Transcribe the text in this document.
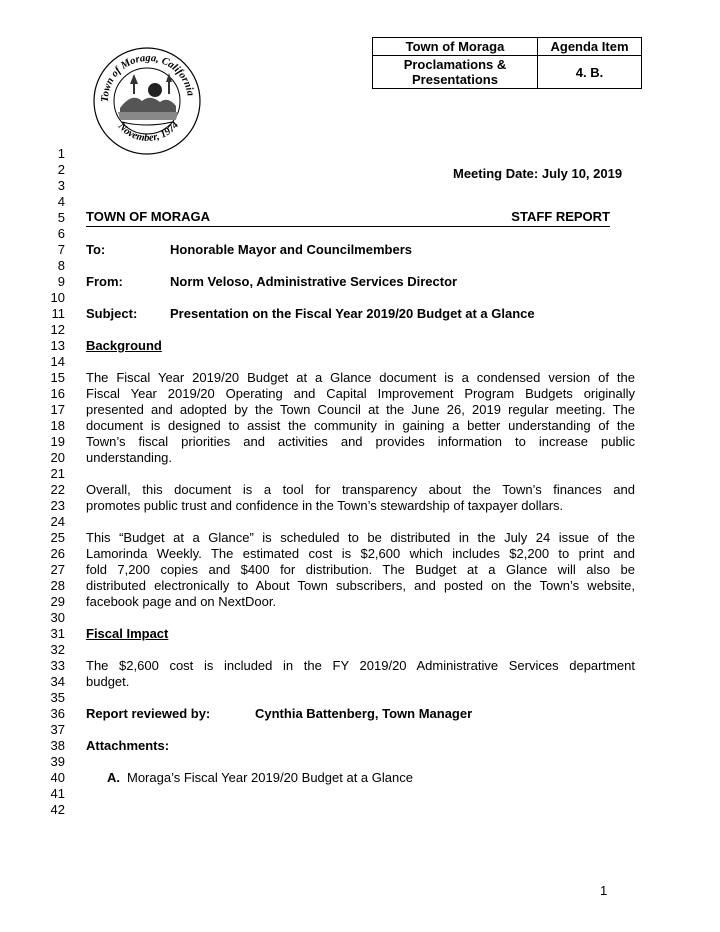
Town of Moraga	Agenda Item
Proclamations & Presentations	4. B.
Town of Moraga, California
November, 1974
1
2
3
4
5
6
7
8
9
10
11
12
13
14
15
16
17
18
19
20
21
22
23
24
25
26
27
28
29
30
31
32
33
34
35
36
37
38
39
40
41
42
Meeting Date: July 10, 2019
TOWN OF MORAGA	STAFF REPORT
To:	Honorable Mayor and Councilmembers
From:	Norm Veloso, Administrative Services Director
Subject:	Presentation on the Fiscal Year 2019/20 Budget at a Glance
Background
The Fiscal Year 2019/20 Budget at a Glance document is a condensed version of the
Fiscal Year 2019/20 Operating and Capital Improvement Program Budgets originally
presented and adopted by the Town Council at the June 26, 2019 regular meeting. The
document is designed to assist the community in gaining a better understanding of the
Town’s fiscal priorities and activities and provides information to increase public
understanding.
Overall, this document is a tool for transparency about the Town’s finances and
promotes public trust and confidence in the Town’s stewardship of taxpayer dollars.
This “Budget at a Glance” is scheduled to be distributed in the July 24 issue of the
Lamorinda Weekly. The estimated cost is $2,600 which includes $2,200 to print and
fold 7,200 copies and $400 for distribution. The Budget at a Glance will also be
distributed electronically to About Town subscribers, and posted on the Town’s website,
facebook page and on NextDoor.
Fiscal Impact
The $2,600 cost is included in the FY 2019/20 Administrative Services department
budget.
Report reviewed by:	Cynthia Battenberg, Town Manager
Attachments:
A. Moraga’s Fiscal Year 2019/20 Budget at a Glance
1
